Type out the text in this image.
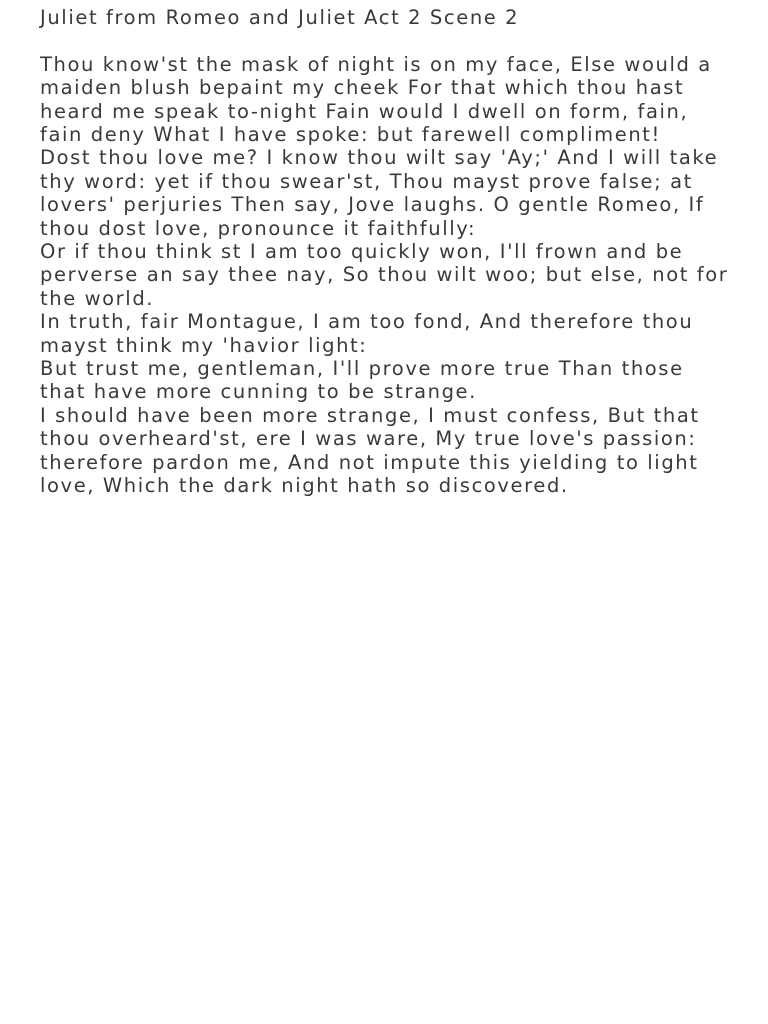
Juliet from Romeo and Juliet Act 2 Scene 2

Thou know'st the mask of night is on my face, Else would a maiden blush bepaint my cheek For that which thou hast heard me speak to-night Fain would I dwell on form, fain, fain deny What I have spoke: but farewell compliment!

Dost thou love me? I know thou wilt say 'Ay;' And I will take thy word: yet if thou swear'st, Thou mayst prove false; at lovers' perjuries Then say, Jove laughs. O gentle Romeo, If thou dost love, pronounce it faithfully:

Or if thou think st I am too quickly won, I'll frown and be perverse an say thee nay, So thou wilt woo; but else, not for the world.

In truth, fair Montague, I am too fond, And therefore thou mayst think my 'havior light:

But trust me, gentleman, I'll prove more true Than those that have more cunning to be strange.

I should have been more strange, I must confess, But that thou overheard'st, ere I was ware, My true love's passion: therefore pardon me, And not impute this yielding to light love, Which the dark night hath so discovered.
